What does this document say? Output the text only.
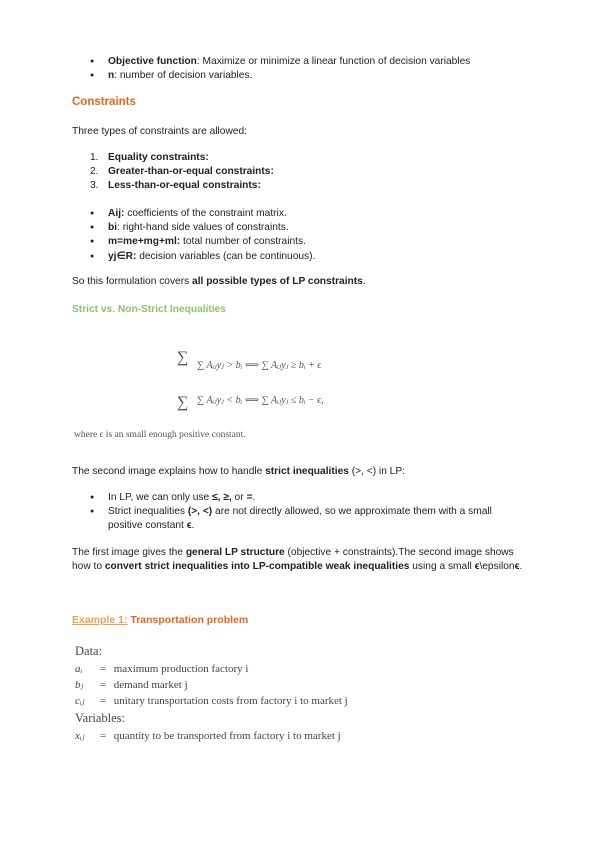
● Objective function: Maximize or minimize a linear function of decision variables
● n: number of decision variables.
Constraints
Three types of constraints are allowed:
1. Equality constraints:
2. Greater-than-or-equal constraints:
3. Less-than-or-equal constraints:
● Aij: coefficients of the constraint matrix.
● bi: right-hand side values of constraints.
● m=me+mg+ml: total number of constraints.
● yj∈R: decision variables (can be continuous).
So this formulation covers all possible types of LP constraints.
Strict vs. Non-Strict Inequalities
∑ ∑ Aᵢⱼyⱼ > bᵢ ⟺ ∑ Aᵢⱼyⱼ ≥ bᵢ + ϵ
∑ ∑ Aᵢⱼyⱼ < bᵢ ⟺ ∑ Aᵢⱼyⱼ ≤ bᵢ − ϵ,
where ϵ is an small enough positive constant.
The second image explains how to handle strict inequalities (>, <) in LP:
● In LP, we can only use ≤, ≥, or =.
● Strict inequalities (>, <) are not directly allowed, so we approximate them with a small positive constant ϵ.
The first image gives the general LP structure (objective + constraints).The second image shows how to convert strict inequalities into LP-compatible weak inequalities using a small ϵ\epsilonϵ.
Example 1: Transportation problem
Data:
aᵢ = maximum production factory i
bⱼ = demand market j
cᵢⱼ = unitary transportation costs from factory i to market j
Variables:
xᵢⱼ = quantity to be transported from factory i to market j
